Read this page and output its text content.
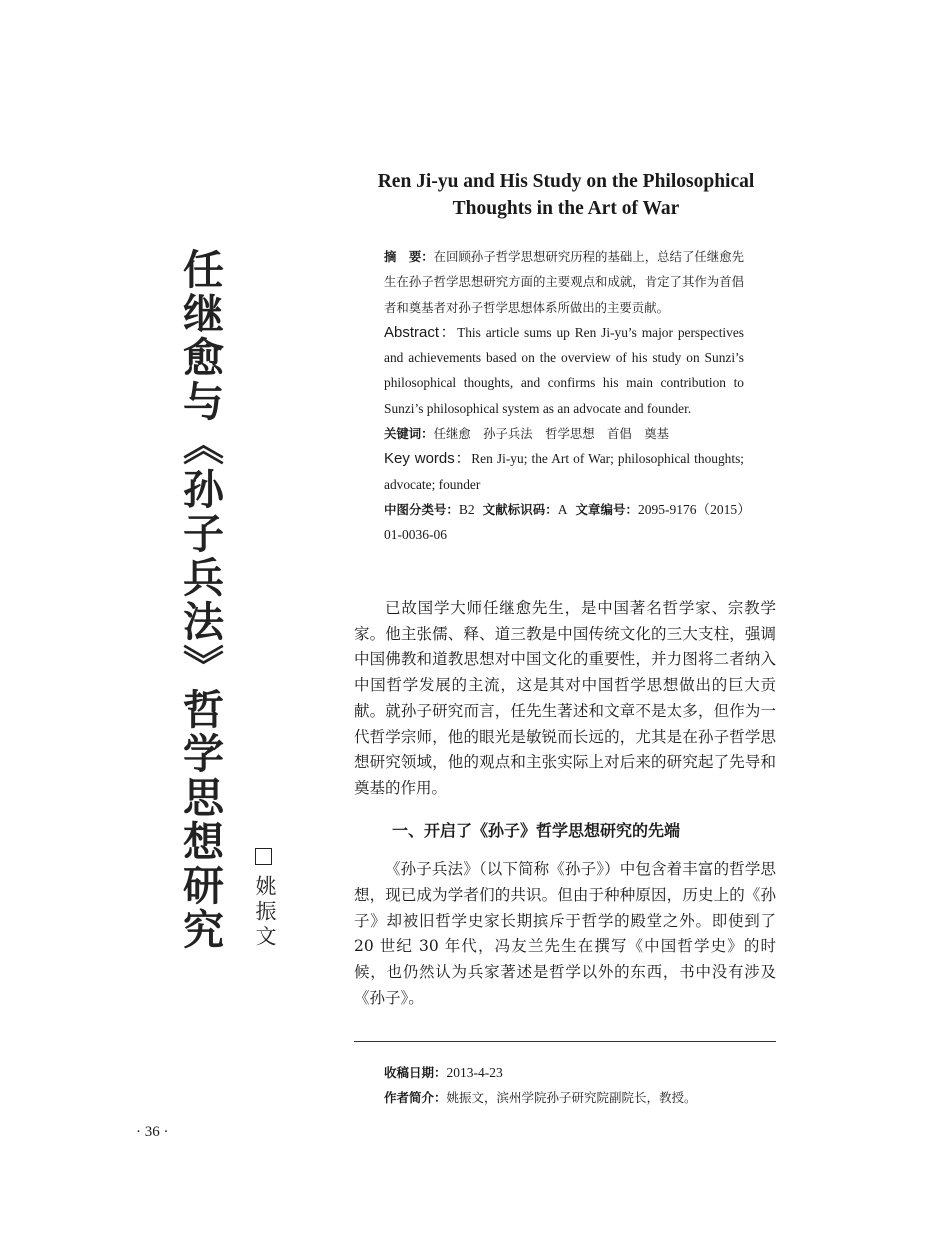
任继愈与《孙子兵法》哲学思想研究 姚振文
Ren Ji-yu and His Study on the Philosophical
Thoughts in the Art of War

摘　要：在回顾孙子哲学思想研究历程的基础上，总结了任继愈先生在孙子哲学思想研究方面的主要观点和成就，肯定了其作为首倡者和奠基者对孙子哲学思想体系所做出的主要贡献。

Abstract：This article sums up Ren Ji-yu’s major perspectives and achievements based on the overview of his study on Sunzi’s philosophical thoughts, and confirms his main contribution to Sunzi’s philosophical system as an advocate and founder.

关键词：任继愈　孙子兵法　哲学思想　首倡　奠基

Key words：Ren Ji-yu; the Art of War; philosophical thoughts; advocate; founder

中图分类号：B2 文献标识码：A 文章编号：2095-9176（2015）01-0036-06

已故国学大师任继愈先生，是中国著名哲学家、宗教学家。他主张儒、释、道三教是中国传统文化的三大支柱，强调中国佛教和道教思想对中国文化的重要性，并力图将二者纳入中国哲学发展的主流，这是其对中国哲学思想做出的巨大贡献。就孙子研究而言，任先生著述和文章不是太多，但作为一代哲学宗师，他的眼光是敏锐而长远的，尤其是在孙子哲学思想研究领域，他的观点和主张实际上对后来的研究起了先导和奠基的作用。

一、开启了《孙子》哲学思想研究的先端

《孙子兵法》（以下简称《孙子》）中包含着丰富的哲学思想，现已成为学者们的共识。但由于种种原因，历史上的《孙子》却被旧哲学史家长期摈斥于哲学的殿堂之外。即使到了 20 世纪 30 年代，冯友兰先生在撰写《中国哲学史》的时候，也仍然认为兵家著述是哲学以外的东西，书中没有涉及《孙子》。

收稿日期：2013-4-23

作者简介：姚振文，滨州学院孙子研究院副院长，教授。

· 36 ·
